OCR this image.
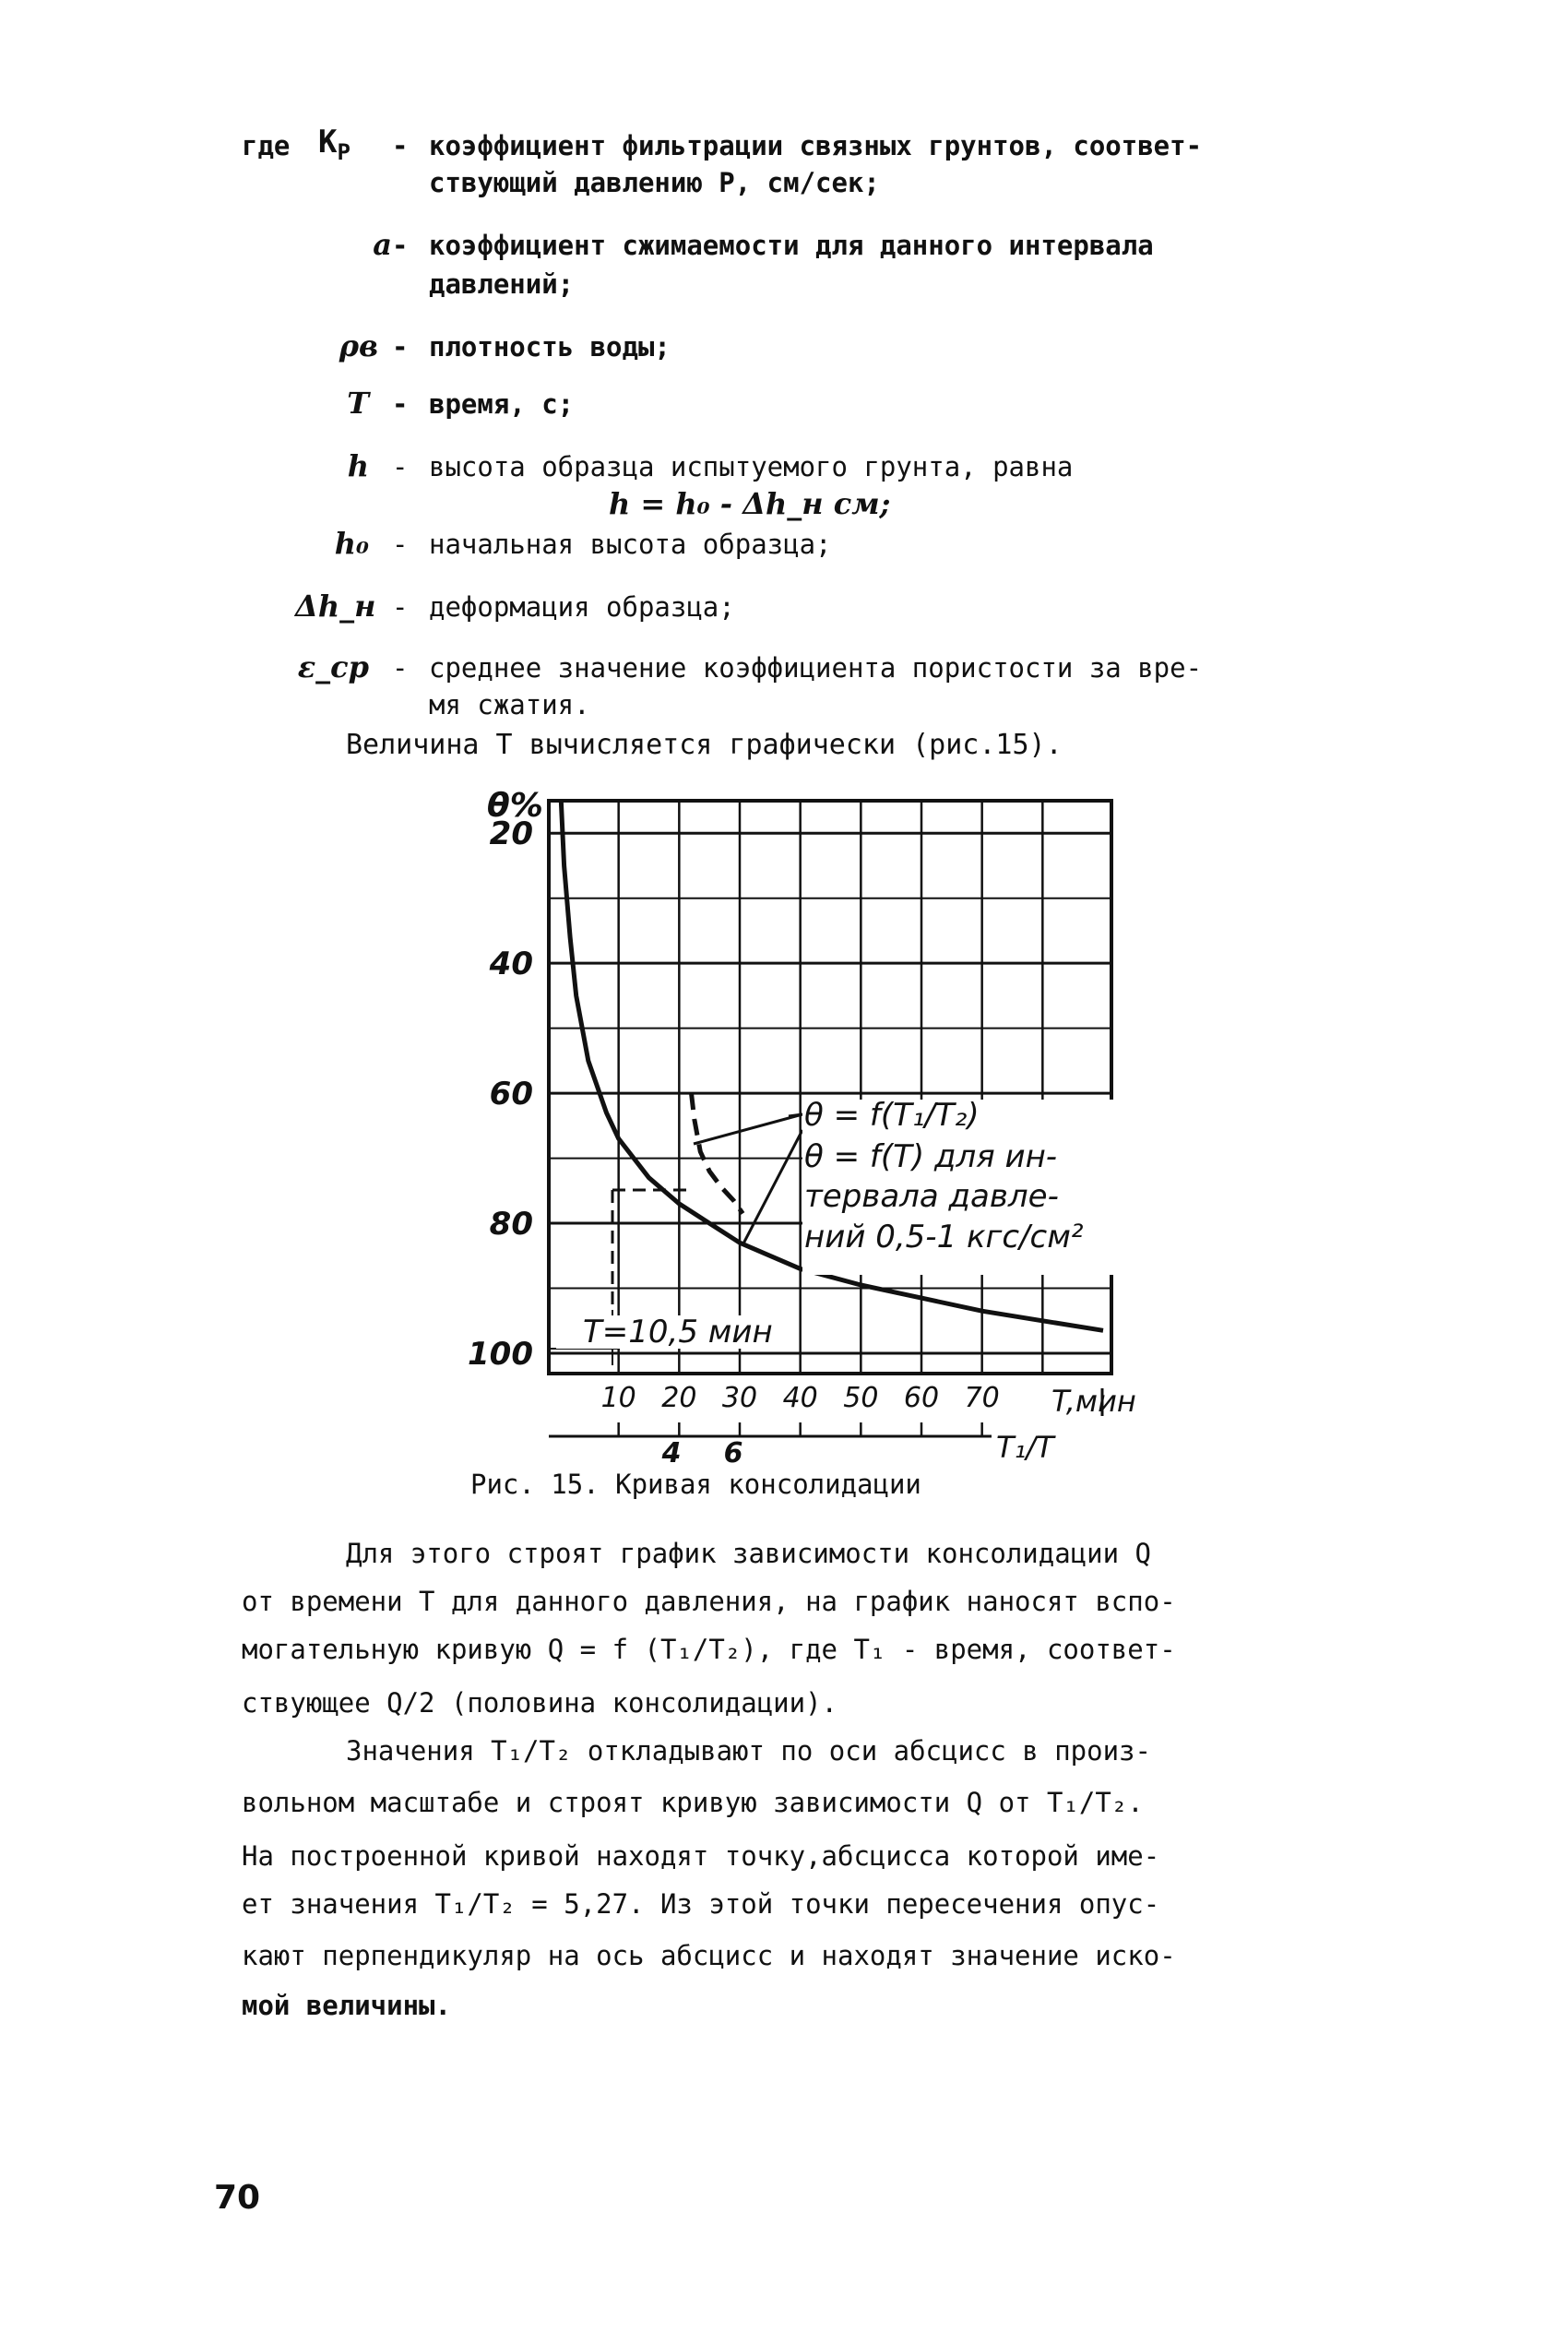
где $K_P$ - коэффициент фильтрации связных грунтов, соответ-
ствующий давлению P, см/сек;
a - коэффициент сжимаемости для данного интервала
давлений;
ρв - плотность воды;
T - время, с;
h - высота образца испытуемого грунта, равна
h = h₀ - Δh_н см;
h₀ - начальная высота образца;
Δh_н - деформация образца;
ε_ср - среднее значение коэффициента пористости за вре-
мя сжатия.
Величина T вычисляется графически (рис.15).
20
40
60
80
100
10 20 30 40 50 60 70
4 6
θ = f(T₁/T₂)
θ = f(T) для ин-
тервала давле-
ний 0,5-1 кгс/см²
T=10,5 мин
θ%
T,мин
T₁/T
Рис. 15. Кривая консолидации
Для этого строят график зависимости консолидации Q
от времени T для данного давления, на график наносят вспо-
могательную кривую Q = f (T₁/T₂), где T₁ - время, соответ-
ствующее Q/2 (половина консолидации).
Значения T₁/T₂ откладывают по оси абсцисс в произ-
вольном масштабе и строят кривую зависимости Q от T₁/T₂.
На построенной кривой находят точку,абсцисса которой име-
ет значения T₁/T₂ = 5,27. Из этой точки пересечения опус-
кают перпендикуляр на ось абсцисс и находят значение иско-
мой величины.
70
